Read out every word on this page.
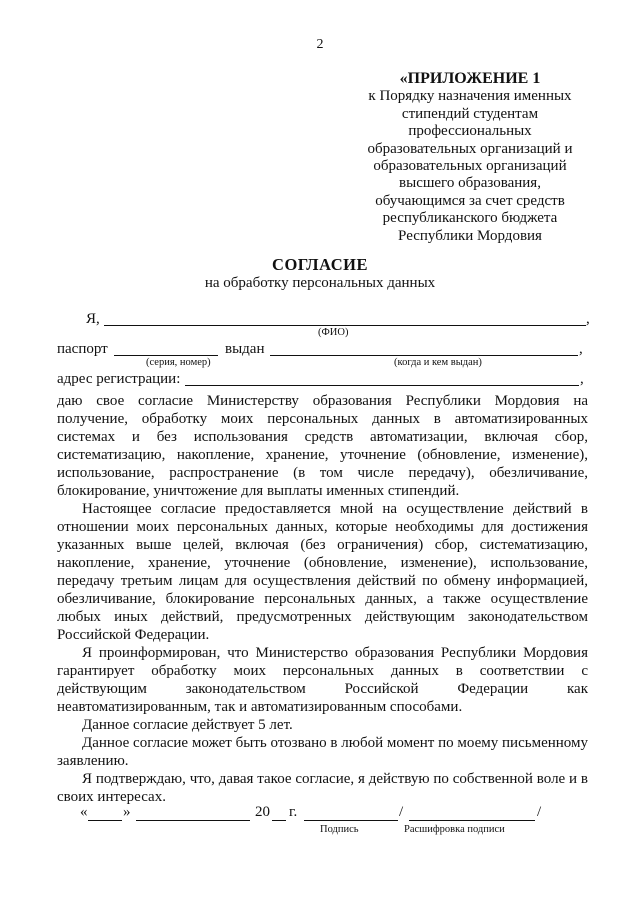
2
«ПРИЛОЖЕНИЕ 1
к Порядку назначения именных
стипендий студентам
профессиональных
образовательных организаций и
образовательных организаций
высшего образования,
обучающимся за счет средств
республиканского бюджета
Республики Мордовия
СОГЛАСИЕ
на обработку персональных данных
Я,	,
(ФИО)
паспорт	выдан	,
(серия, номер)	(когда и кем выдан)
адрес регистрации:	,

даю свое согласие Министерству образования Республики Мордовия на получение, обработку моих персональных данных в автоматизированных системах и без использования средств автоматизации, включая сбор, систематизацию, накопление, хранение, уточнение (обновление, изменение), использование, распространение (в том числе передачу), обезличивание, блокирование, уничтожение для выплаты именных стипендий.

Настоящее согласие предоставляется мной на осуществление действий в отношении моих персональных данных, которые необходимы для достижения указанных выше целей, включая (без ограничения) сбор, систематизацию, накопление, хранение, уточнение (обновление, изменение), использование, передачу третьим лицам для осуществления действий по обмену информацией, обезличивание, блокирование персональных данных, а также осуществление любых иных действий, предусмотренных действующим законодательством Российской Федерации.

Я проинформирован, что Министерство образования Республики Мордовия гарантирует обработку моих персональных данных в соответствии с действующим законодательством Российской Федерации как неавтоматизированным, так и автоматизированным способами.

Данное согласие действует 5 лет.

Данное согласие может быть отозвано в любой момент по моему письменному заявлению.

Я подтверждаю, что, давая такое согласие, я действую по собственной воле и в своих интересах.

« »	20 г.	/	/
Подпись	Расшифровка подписи
